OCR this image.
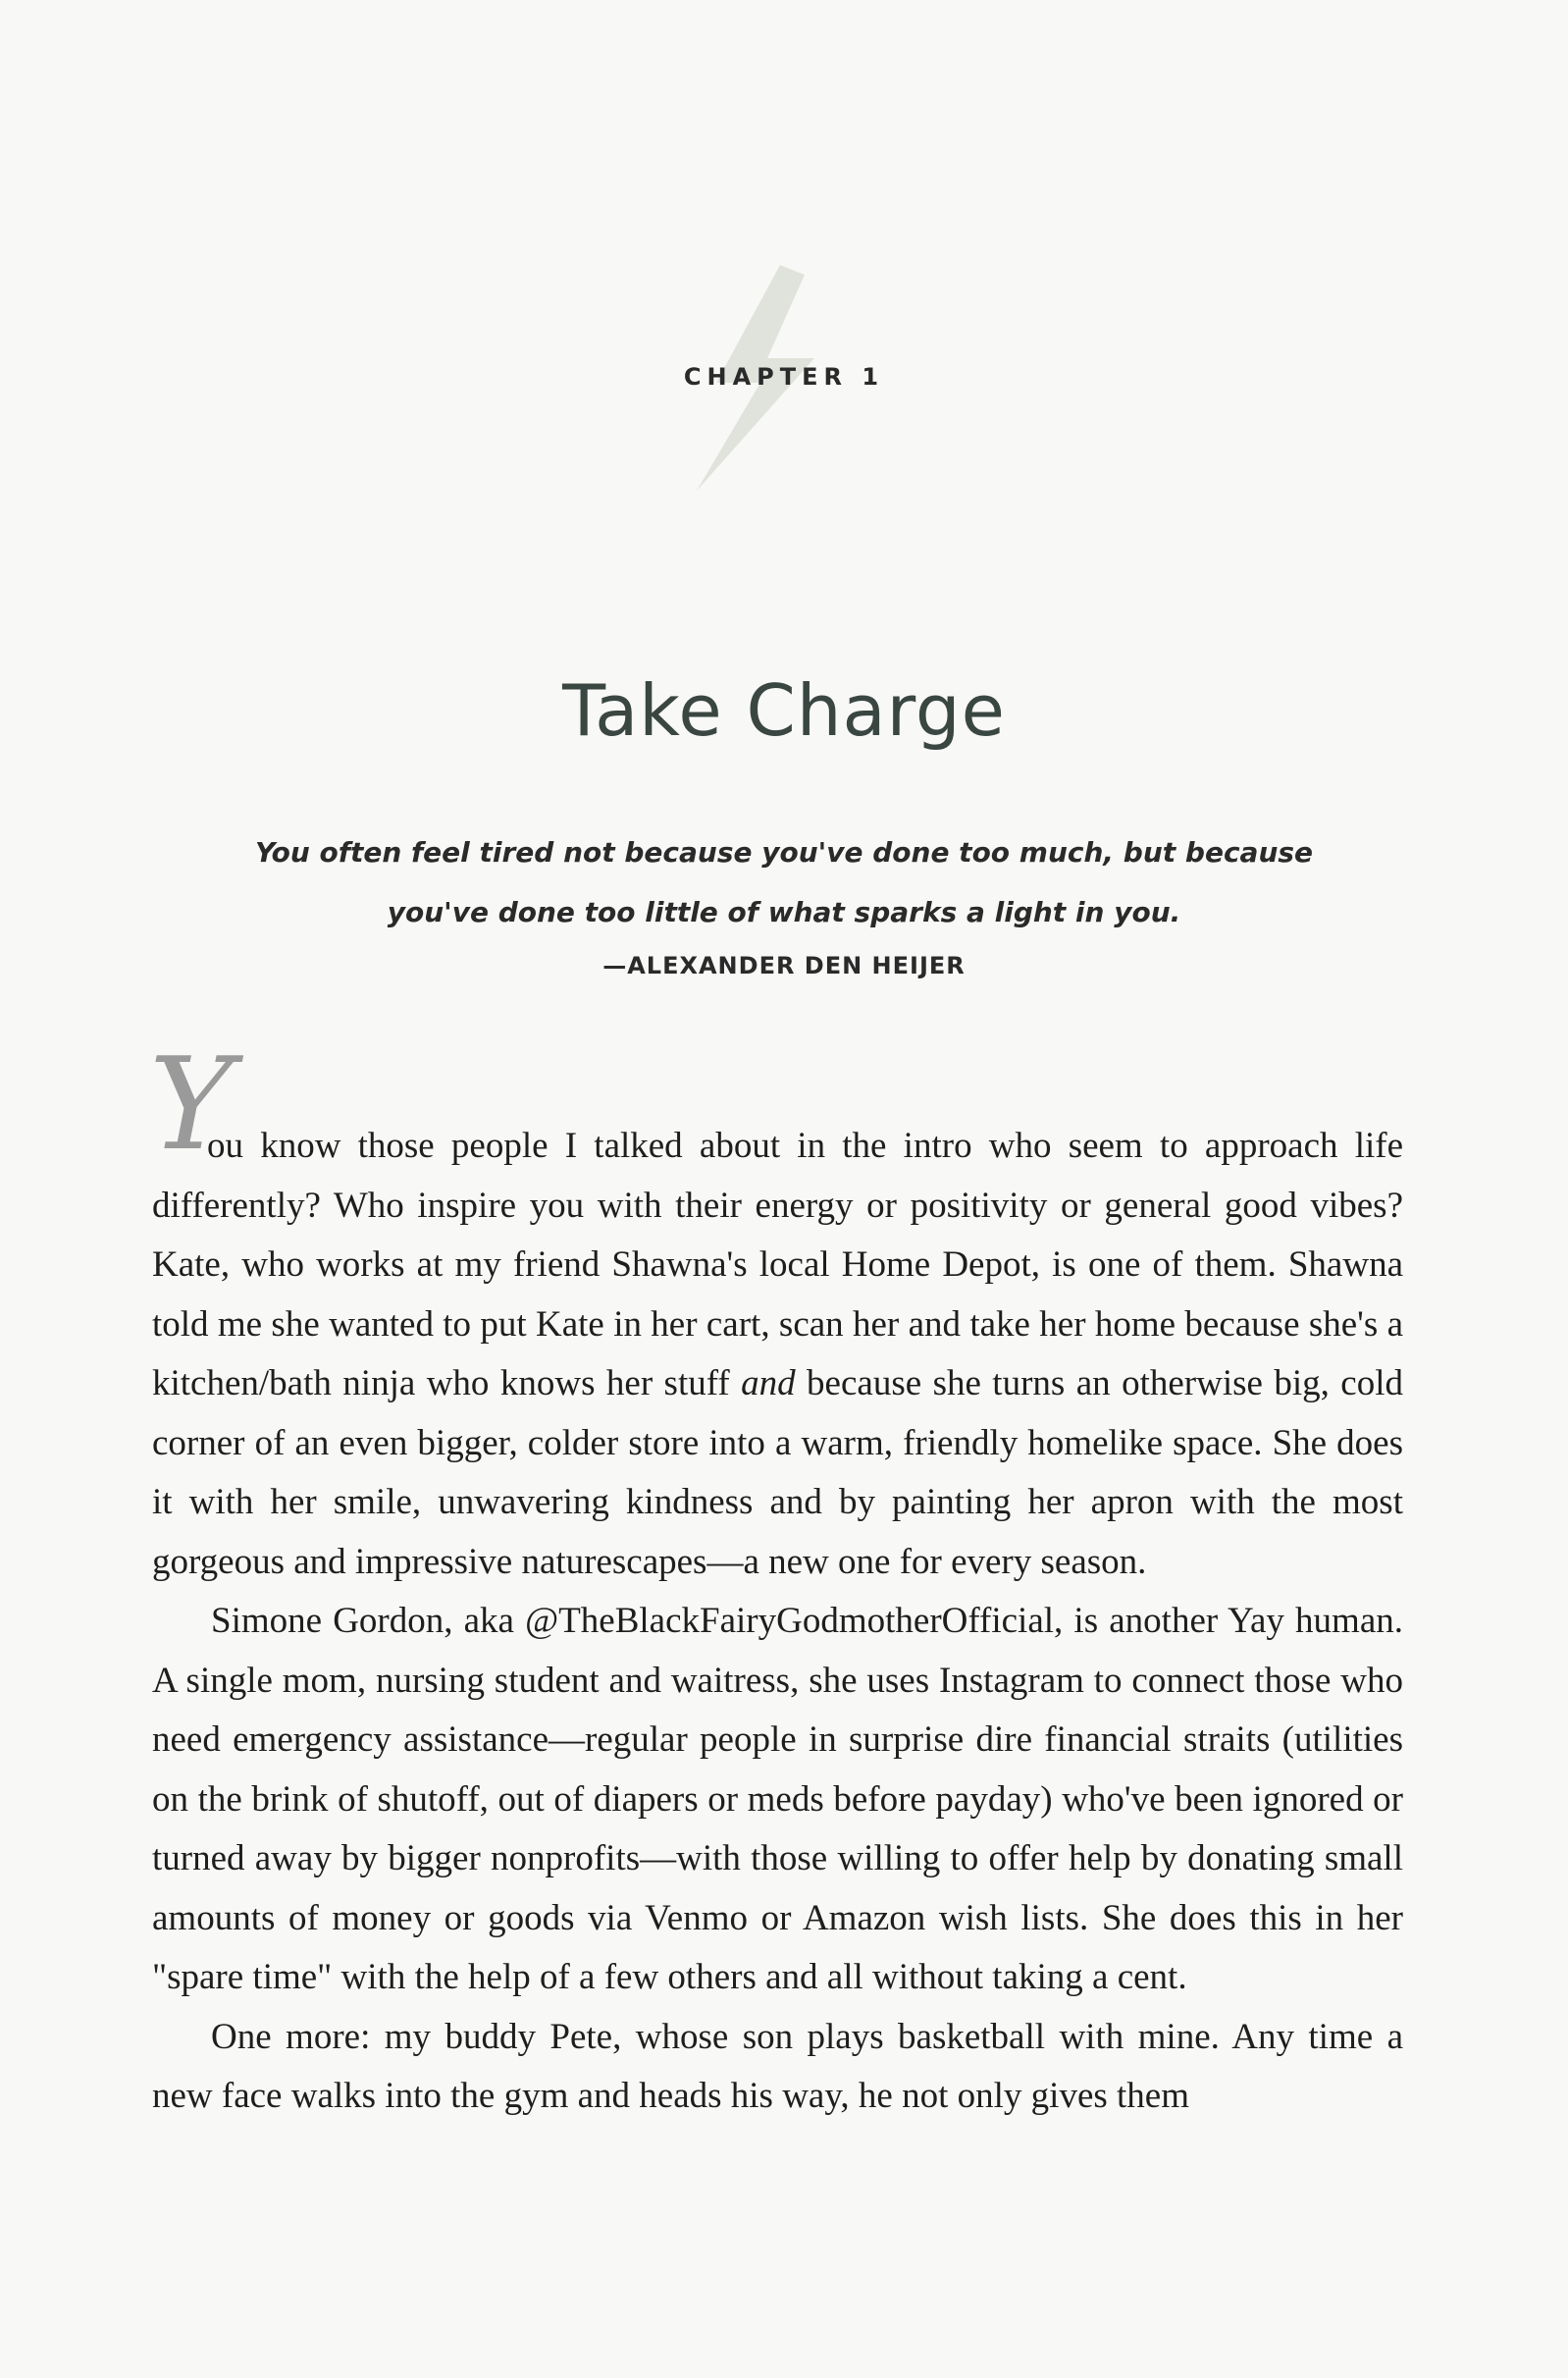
CHAPTER 1
Take Charge
You often feel tired not because you've done too much, but because
you've done too little of what sparks a light in you.
—ALEXANDER DEN HEIJER
Y

ou know those people I talked about in the intro who seem to approach life differently? Who inspire you with their energy or positivity or general good vibes? Kate, who works at my friend Shawna's local Home Depot, is one of them. Shawna told me she wanted to put Kate in her cart, scan her and take her home because she's a kitchen/bath ninja who knows her stuff and because she turns an otherwise big, cold corner of an even bigger, colder store into a warm, friendly homelike space. She does it with her smile, unwavering kindness and by painting her apron with the most gorgeous and impressive naturescapes—a new one for every season.

Simone Gordon, aka @TheBlackFairyGodmotherOfficial, is another Yay human. A single mom, nursing student and waitress, she uses Instagram to connect those who need emergency assistance—regular people in surprise dire financial straits (utilities on the brink of shutoff, out of diapers or meds before payday) who've been ignored or turned away by bigger nonprofits—with those willing to offer help by donating small amounts of money or goods via Venmo or Amazon wish lists. She does this in her "spare time" with the help of a few others and all without taking a cent.

One more: my buddy Pete, whose son plays basketball with mine. Any time a new face walks into the gym and heads his way, he not only gives them
